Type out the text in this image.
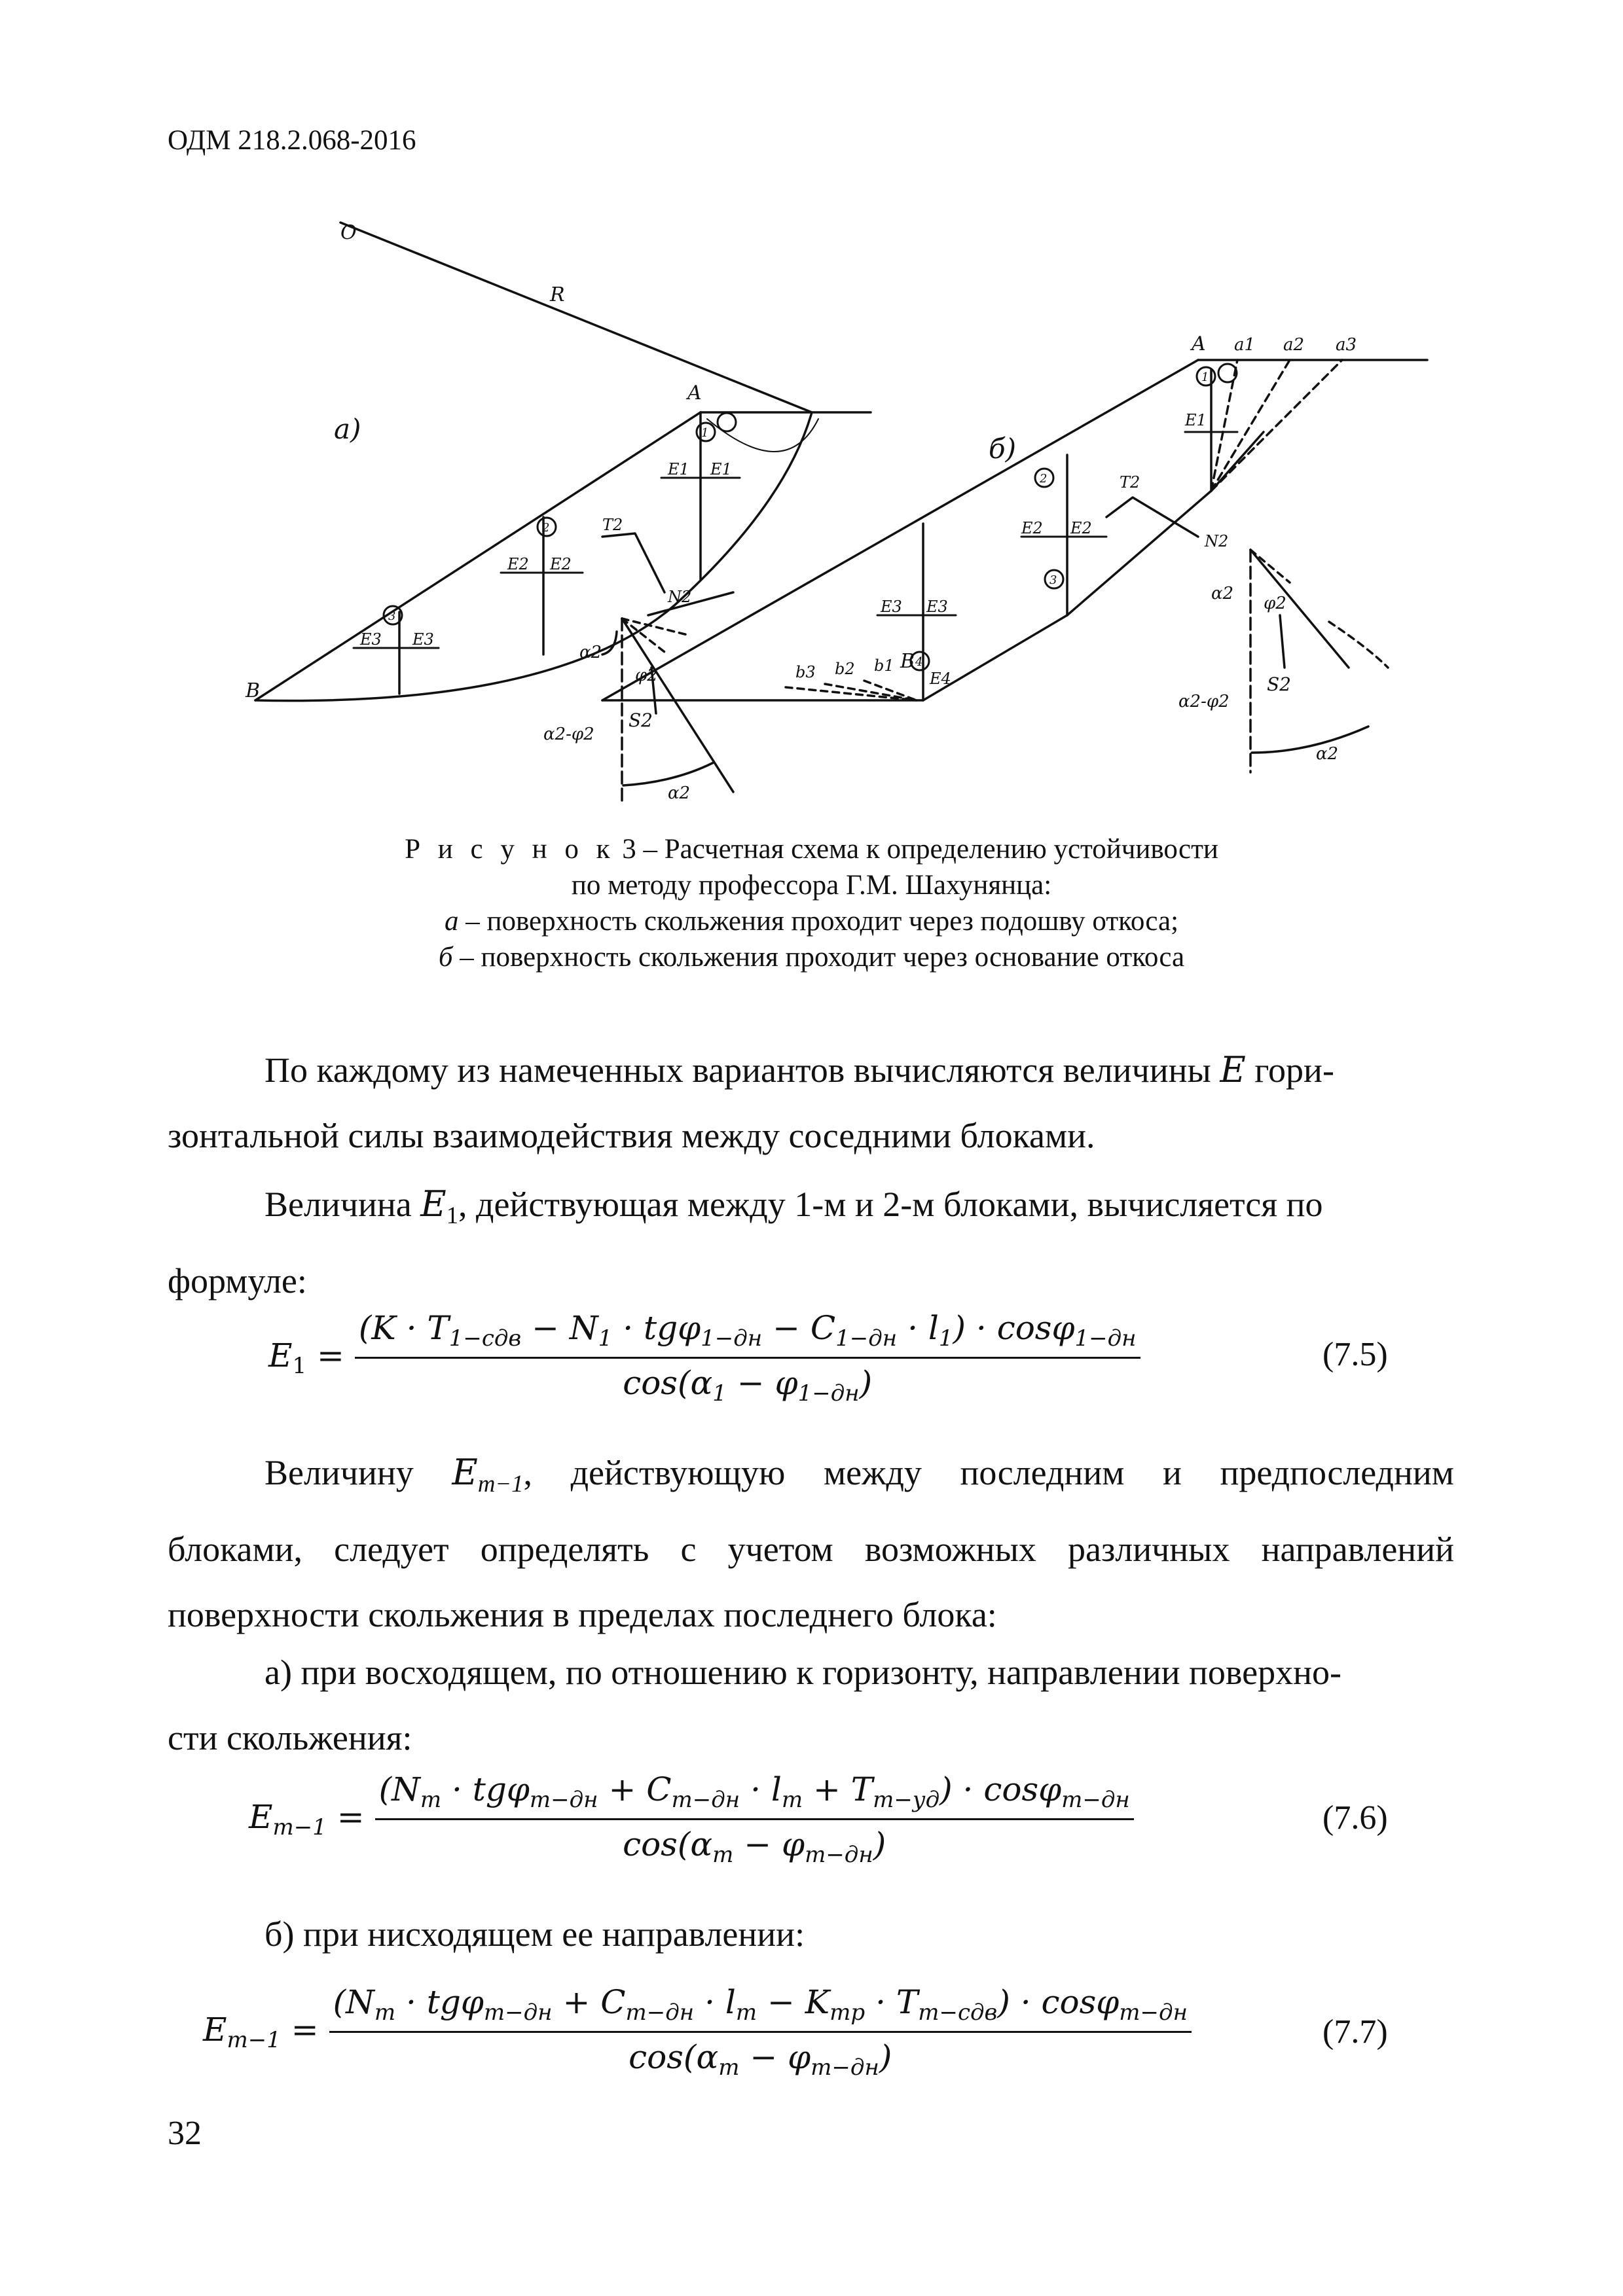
ОДМ 218.2.068-2016
О
R
а)
A
B
E1 E1
E2 E2
E3 E3
1
2
3
T2
N2
α2
φ2
S2
α2-φ2
α2
b3 b2 b1 B
б)
A a1 a2 a3
E1
E2 E2
E3 E3
E4
1
2
3
4
T2
N2
α2 φ2
S2
α2-φ2
α2
Р и с у н о к 3 – Расчетная схема к определению устойчивости
по методу профессора Г.М. Шахунянца:
а – поверхность скольжения проходит через подошву откоса;
б – поверхность скольжения проходит через основание откоса
По каждому из намеченных вариантов вычисляются величины E гори-
зонтальной силы взаимодействия между соседними блоками.
Величина $E_1$, действующая между 1-м и 2-м блоками, вычисляется по
формуле:
$E_1 = \frac{(K \cdot T_{1-сдв} - N_1 \cdot tg\varphi_{1-дн} - C_{1-дн} \cdot l_1) \cdot \cos\varphi_{1-дн}}{\cos(\alpha_1 - \varphi_{1-дн})}$	(7.5)
Величину $E_{m-1}$, действующую между последним и предпоследним
блоками, следует определять с учетом возможных различных направлений
поверхности скольжения в пределах последнего блока:
а) при восходящем, по отношению к горизонту, направлении поверхно-
сти скольжения:
$E_{m-1} = \frac{(N_m \cdot tg\varphi_{m-дн} + C_{m-дн} \cdot l_m + T_{m-уд}) \cdot \cos\varphi_{m-дн}}{\cos(\alpha_m - \varphi_{m-дн})}$	(7.6)
б) при нисходящем ее направлении:
$E_{m-1} = \frac{(N_m \cdot tg\varphi_{m-дн} + C_{m-дн} \cdot l_m - K_{тр} \cdot T_{m-сдв}) \cdot \cos\varphi_{m-дн}}{\cos(\alpha_m - \varphi_{m-дн})}$	(7.7)
32
